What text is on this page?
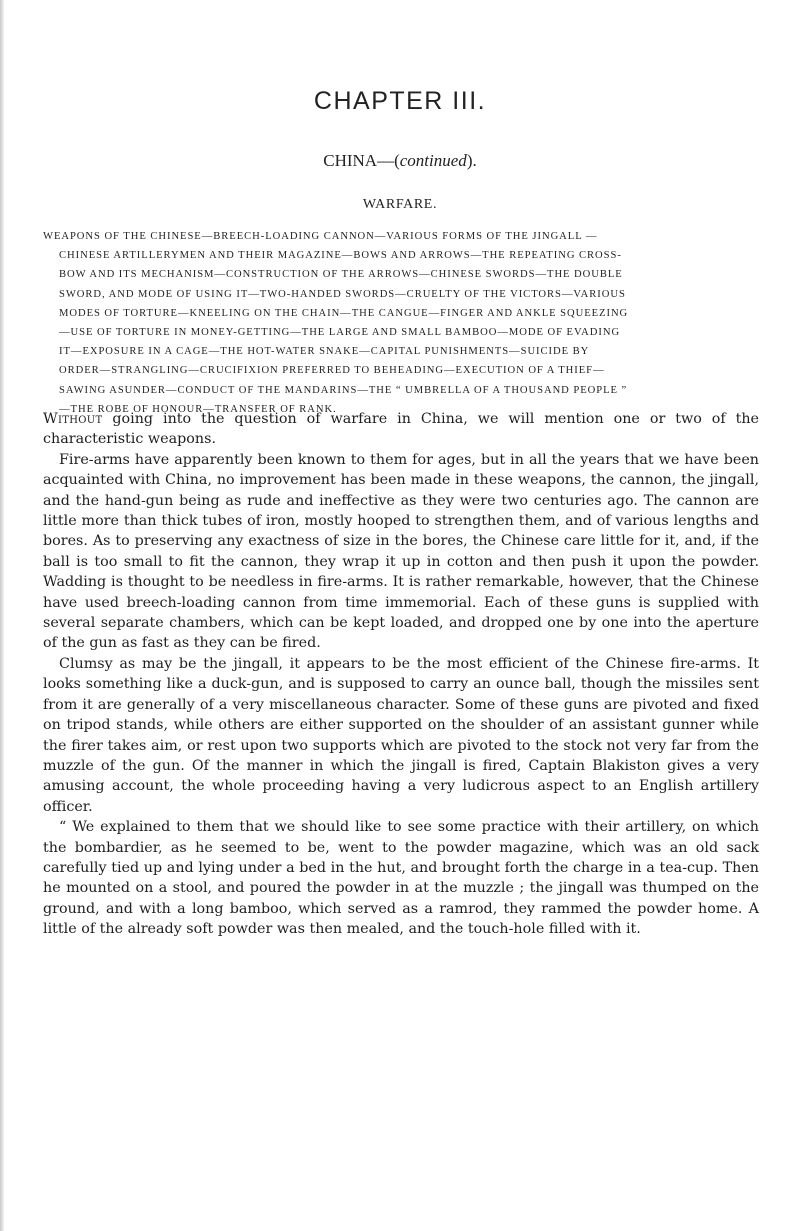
CHAPTER III.
CHINA—(continued).
WARFARE.
WEAPONS OF THE CHINESE—BREECH-LOADING CANNON—VARIOUS FORMS OF THE JINGALL —
CHINESE ARTILLERYMEN AND THEIR MAGAZINE—BOWS AND ARROWS—THE REPEATING CROSS-
BOW AND ITS MECHANISM—CONSTRUCTION OF THE ARROWS—CHINESE SWORDS—THE DOUBLE
SWORD, AND MODE OF USING IT—TWO-HANDED SWORDS—CRUELTY OF THE VICTORS—VARIOUS
MODES OF TORTURE—KNEELING ON THE CHAIN—THE CANGUE—FINGER AND ANKLE SQUEEZING
—USE OF TORTURE IN MONEY-GETTING—THE LARGE AND SMALL BAMBOO—MODE OF EVADING
IT—EXPOSURE IN A CAGE—THE HOT-WATER SNAKE—CAPITAL PUNISHMENTS—SUICIDE BY
ORDER—STRANGLING—CRUCIFIXION PREFERRED TO BEHEADING—EXECUTION OF A THIEF—
SAWING ASUNDER—CONDUCT OF THE MANDARINS—THE “ UMBRELLA OF A THOUSAND PEOPLE ”
—THE ROBE OF HONOUR—TRANSFER OF RANK.

Without going into the question of warfare in China, we will mention one or two of the characteristic weapons.

Fire-arms have apparently been known to them for ages, but in all the years that we have been acquainted with China, no improvement has been made in these weapons, the cannon, the jingall, and the hand-gun being as rude and ineffective as they were two centuries ago. The cannon are little more than thick tubes of iron, mostly hooped to strengthen them, and of various lengths and bores. As to preserving any exactness of size in the bores, the Chinese care little for it, and, if the ball is too small to fit the cannon, they wrap it up in cotton and then push it upon the powder. Wadding is thought to be needless in fire-arms. It is rather remarkable, however, that the Chinese have used breech-loading cannon from time immemorial. Each of these guns is supplied with several separate chambers, which can be kept loaded, and dropped one by one into the aperture of the gun as fast as they can be fired.

Clumsy as may be the jingall, it appears to be the most efficient of the Chinese fire-arms. It looks something like a duck-gun, and is supposed to carry an ounce ball, though the missiles sent from it are generally of a very miscellaneous character. Some of these guns are pivoted and fixed on tripod stands, while others are either supported on the shoulder of an assistant gunner while the firer takes aim, or rest upon two supports which are pivoted to the stock not very far from the muzzle of the gun. Of the manner in which the jingall is fired, Captain Blakiston gives a very amusing account, the whole proceeding having a very ludicrous aspect to an English artillery officer.

“ We explained to them that we should like to see some practice with their artillery, on which the bombardier, as he seemed to be, went to the powder magazine, which was an old sack carefully tied up and lying under a bed in the hut, and brought forth the charge in a tea-cup. Then he mounted on a stool, and poured the powder in at the muzzle ; the jingall was thumped on the ground, and with a long bamboo, which served as a ramrod, they rammed the powder home. A little of the already soft powder was then mealed, and the touch-hole filled with it.
